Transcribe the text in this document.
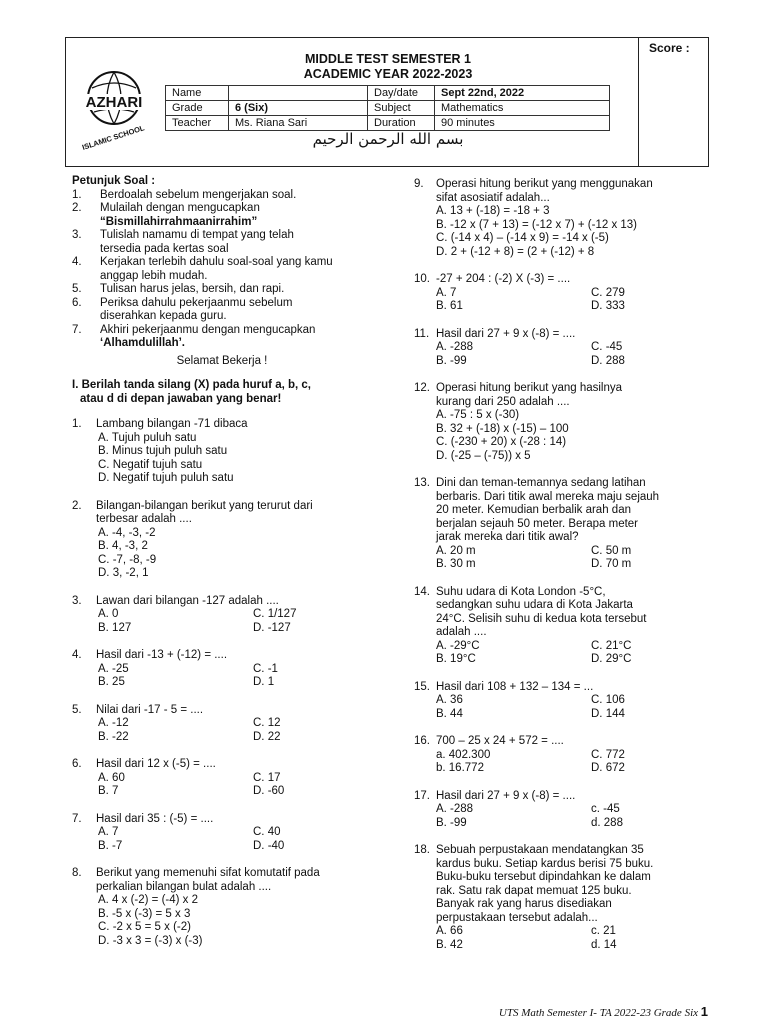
AZHARI
ISLAMIC SCHOOL
Score :
MIDDLE TEST SEMESTER 1
ACADEMIC YEAR 2022-2023
Name		Day/date	Sept 22nd, 2022
Grade	6 (Six)	Subject	Mathematics
Teacher	Ms. Riana Sari	Duration	90 minutes
بسم الله الرحمن الرحيم
Petunjuk Soal :
1.	Berdoalah sebelum mengerjakan soal.
2.	Mulailah dengan mengucapkan
“Bismillahirrahmaanirrahim”
3.	Tulislah namamu di tempat yang telah
tersedia pada kertas soal
4.	Kerjakan terlebih dahulu soal-soal yang kamu
anggap lebih mudah.
5.	Tulisan harus jelas, bersih, dan rapi.
6.	Periksa dahulu pekerjaanmu sebelum
diserahkan kepada guru.
7.	Akhiri pekerjaanmu dengan mengucapkan
‘Alhamdulillah’.
Selamat Bekerja !
I. Berilah tanda silang (X) pada huruf a, b, c,
atau d di depan jawaban yang benar!
1.	Lambang bilangan -71 dibaca
A. Tujuh puluh satu
B. Minus tujuh puluh satu
C. Negatif tujuh satu
D. Negatif tujuh puluh satu
2.	Bilangan-bilangan berikut yang terurut dari
terbesar adalah ....
A. -4, -3, -2
B. 4, -3, 2
C. -7, -8, -9
D. 3, -2, 1
3.	Lawan dari bilangan -127 adalah ....
A. 0	C. 1/127
B. 127	D. -127
4.	Hasil dari -13 + (-12) = ....
A. -25	C. -1
B. 25	D. 1
5.	Nilai dari -17 - 5 = ....
A. -12	C. 12
B. -22	D. 22
6.	Hasil dari 12 x (-5) = ....
A. 60	C. 17
B. 7	D. -60
7.	Hasil dari 35 : (-5) = ....
A. 7	C. 40
B. -7	D. -40
8.	Berikut yang memenuhi sifat komutatif pada
perkalian bilangan bulat adalah ....
A. 4 x (-2) = (-4) x 2
B. -5 x (-3) = 5 x 3
C. -2 x 5 = 5 x (-2)
D. -3 x 3 = (-3) x (-3)
9.	Operasi hitung berikut yang menggunakan
sifat asosiatif adalah...
A. 13 + (-18) = -18 + 3
B. -12 x (7 + 13) = (-12 x 7) + (-12 x 13)
C. (-14 x 4) – (-14 x 9) = -14 x (-5)
D. 2 + (-12 + 8) = (2 + (-12) + 8
10. -27 + 204 : (-2) X (-3) = ....
A. 7	C. 279
B. 61	D. 333
11. Hasil dari 27 + 9 x (-8) = ....
A. -288	C. -45
B. -99	D. 288
12. Operasi hitung berikut yang hasilnya
kurang dari 250 adalah ....
A. -75 : 5 x (-30)
B. 32 + (-18) x (-15) – 100
C. (-230 + 20) x (-28 : 14)
D. (-25 – (-75)) x 5
13. Dini dan teman-temannya sedang latihan
berbaris. Dari titik awal mereka maju sejauh
20 meter. Kemudian berbalik arah dan
berjalan sejauh 50 meter. Berapa meter
jarak mereka dari titik awal?
A. 20 m	C. 50 m
B. 30 m	D. 70 m
14. Suhu udara di Kota London -5°C,
sedangkan suhu udara di Kota Jakarta
24°C. Selisih suhu di kedua kota tersebut
adalah ....
A. -29°C	C. 21°C
B. 19°C	D. 29°C
15. Hasil dari 108 + 132 – 134 = ...
A. 36	C. 106
B. 44	D. 144
16. 700 – 25 x 24 + 572 = ....
a. 402.300	C. 772
b. 16.772	D. 672
17. Hasil dari 27 + 9 x (-8) = ....
A. -288	c. -45
B. -99	d. 288
18. Sebuah perpustakaan mendatangkan 35
kardus buku. Setiap kardus berisi 75 buku.
Buku-buku tersebut dipindahkan ke dalam
rak. Satu rak dapat memuat 125 buku.
Banyak rak yang harus disediakan
perpustakaan tersebut adalah...
A. 66	c. 21
B. 42	d. 14
UTS Math Semester I- TA 2022-23 Grade Six 1
